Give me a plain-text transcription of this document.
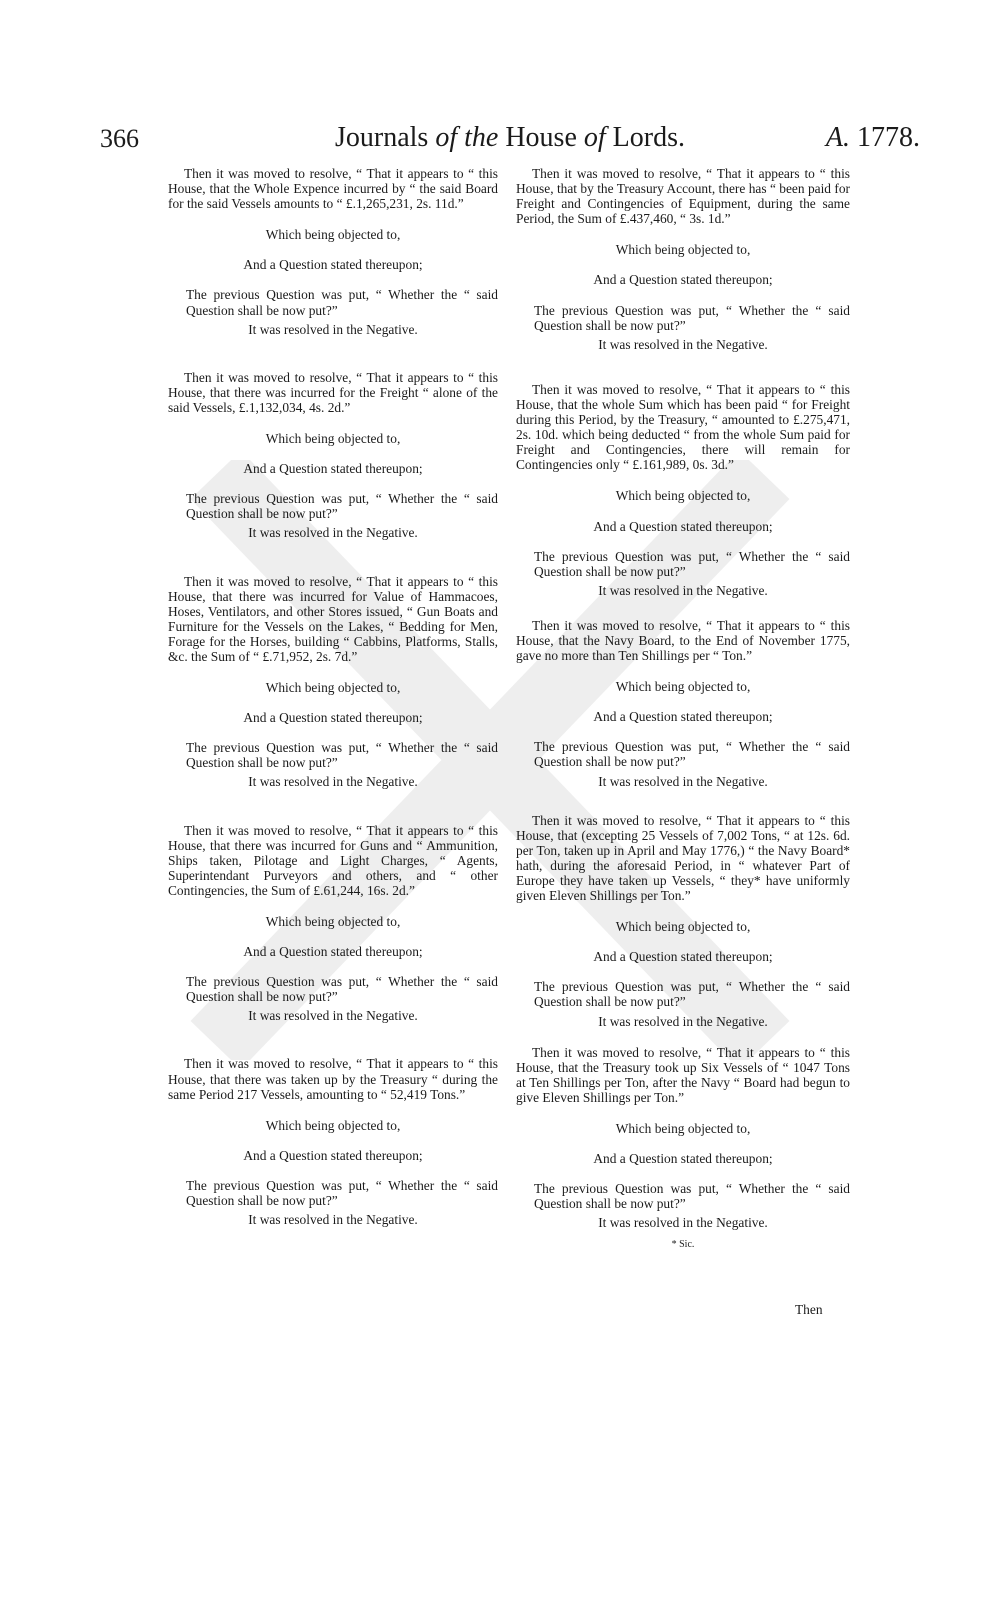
366	Journals of the House of Lords.	A. 1778.

Then it was moved to resolve, “ That it appears to “ this House, that the Whole Expence incurred by “ the said Board for the said Vessels amounts to “ £.1,265,231, 2s. 11d.”

Which being objected to,

And a Question stated thereupon;

The previous Question was put, “ Whether the “ said Question shall be now put?”

It was resolved in the Negative.

Then it was moved to resolve, “ That it appears to “ this House, that there was incurred for the Freight “ alone of the said Vessels, £.1,132,034, 4s. 2d.”

Which being objected to,

And a Question stated thereupon;

The previous Question was put, “ Whether the “ said Question shall be now put?”

It was resolved in the Negative.

Then it was moved to resolve, “ That it appears to “ this House, that there was incurred for Value of Hammacoes, Hoses, Ventilators, and other Stores issued, “ Gun Boats and Furniture for the Vessels on the Lakes, “ Bedding for Men, Forage for the Horses, building “ Cabbins, Platforms, Stalls, &c. the Sum of “ £.71,952, 2s. 7d.”

Which being objected to,

And a Question stated thereupon;

The previous Question was put, “ Whether the “ said Question shall be now put?”

It was resolved in the Negative.

Then it was moved to resolve, “ That it appears to “ this House, that there was incurred for Guns and “ Ammunition, Ships taken, Pilotage and Light Charges, “ Agents, Superintendant Purveyors and others, and “ other Contingencies, the Sum of £.61,244, 16s. 2d.”

Which being objected to,

And a Question stated thereupon;

The previous Question was put, “ Whether the “ said Question shall be now put?”

It was resolved in the Negative.

Then it was moved to resolve, “ That it appears to “ this House, that there was taken up by the Treasury “ during the same Period 217 Vessels, amounting to “ 52,419 Tons.”

Which being objected to,

And a Question stated thereupon;

The previous Question was put, “ Whether the “ said Question shall be now put?”

It was resolved in the Negative.

Then it was moved to resolve, “ That it appears to “ this House, that by the Treasury Account, there has “ been paid for Freight and Contingencies of Equipment, during the same Period, the Sum of £.437,460, “ 3s. 1d.”

Which being objected to,

And a Question stated thereupon;

The previous Question was put, “ Whether the “ said Question shall be now put?”

It was resolved in the Negative.

Then it was moved to resolve, “ That it appears to “ this House, that the whole Sum which has been paid “ for Freight during this Period, by the Treasury, “ amounted to £.275,471, 2s. 10d. which being deducted “ from the whole Sum paid for Freight and Contingencies, there will remain for Contingencies only “ £.161,989, 0s. 3d.”

Which being objected to,

And a Question stated thereupon;

The previous Question was put, “ Whether the “ said Question shall be now put?”

It was resolved in the Negative.

Then it was moved to resolve, “ That it appears to “ this House, that the Navy Board, to the End of November 1775, gave no more than Ten Shillings per “ Ton.”

Which being objected to,

And a Question stated thereupon;

The previous Question was put, “ Whether the “ said Question shall be now put?”

It was resolved in the Negative.

Then it was moved to resolve, “ That it appears to “ this House, that (excepting 25 Vessels of 7,002 Tons, “ at 12s. 6d. per Ton, taken up in April and May 1776,) “ the Navy Board* hath, during the aforesaid Period, in “ whatever Part of Europe they have taken up Vessels, “ they* have uniformly given Eleven Shillings per Ton.”

Which being objected to,

And a Question stated thereupon;

The previous Question was put, “ Whether the “ said Question shall be now put?”

It was resolved in the Negative.

Then it was moved to resolve, “ That it appears to “ this House, that the Treasury took up Six Vessels of “ 1047 Tons at Ten Shillings per Ton, after the Navy “ Board had begun to give Eleven Shillings per Ton.”

Which being objected to,

And a Question stated thereupon;

The previous Question was put, “ Whether the “ said Question shall be now put?”

It was resolved in the Negative.

* Sic.

Then
